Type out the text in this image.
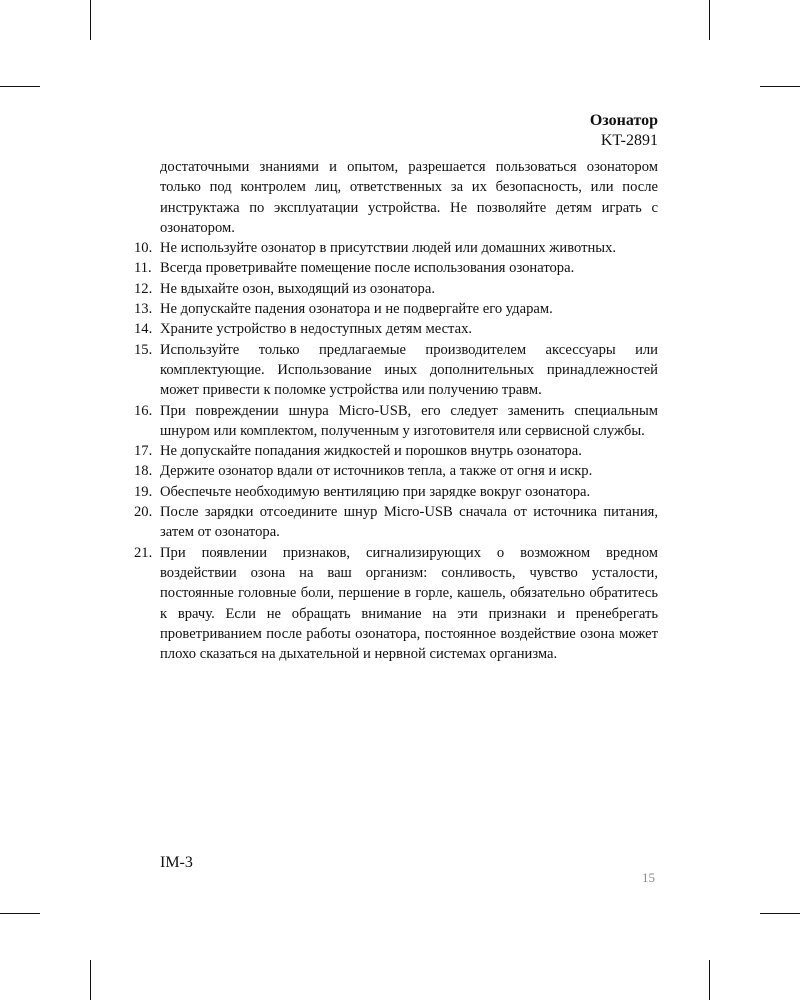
Озонатор
KT-2891

достаточными знаниями и опытом, разрешается пользоваться озонатором только под контролем лиц, ответственных за их безопасность, или после инструктажа по эксплуатации устройства. Не позволяйте детям играть с озонатором.

10. Не используйте озонатор в присутствии людей или домашних животных.
11. Всегда проветривайте помещение после использования озонатора.
12. Не вдыхайте озон, выходящий из озонатора.
13. Не допускайте падения озонатора и не подвергайте его ударам.
14. Храните устройство в недоступных детям местах.
15. Используйте только предлагаемые производителем аксессуары или комплектующие. Использование иных дополнительных принадлежностей может привести к поломке устройства или получению травм.
16. При повреждении шнура Micro-USB, его следует заменить специальным шнуром или комплектом, полученным у изготовителя или сервисной службы.
17. Не допускайте попадания жидкостей и порошков внутрь озонатора.
18. Держите озонатор вдали от источников тепла, а также от огня и искр.
19. Обеспечьте необходимую вентиляцию при зарядке вокруг озонатора.
20. После зарядки отсоедините шнур Micro-USB сначала от источника питания, затем от озонатора.
21. При появлении признаков, сигнализирующих о возможном вредном воздействии озона на ваш организм: сонливость, чувство усталости, постоянные головные боли, першение в горле, кашель, обязательно обратитесь к врачу. Если не обращать внимание на эти признаки и пренебрегать проветриванием после работы озонатора, постоянное воздействие озона может плохо сказаться на дыхательной и нервной системах организма.
IM-3
15
